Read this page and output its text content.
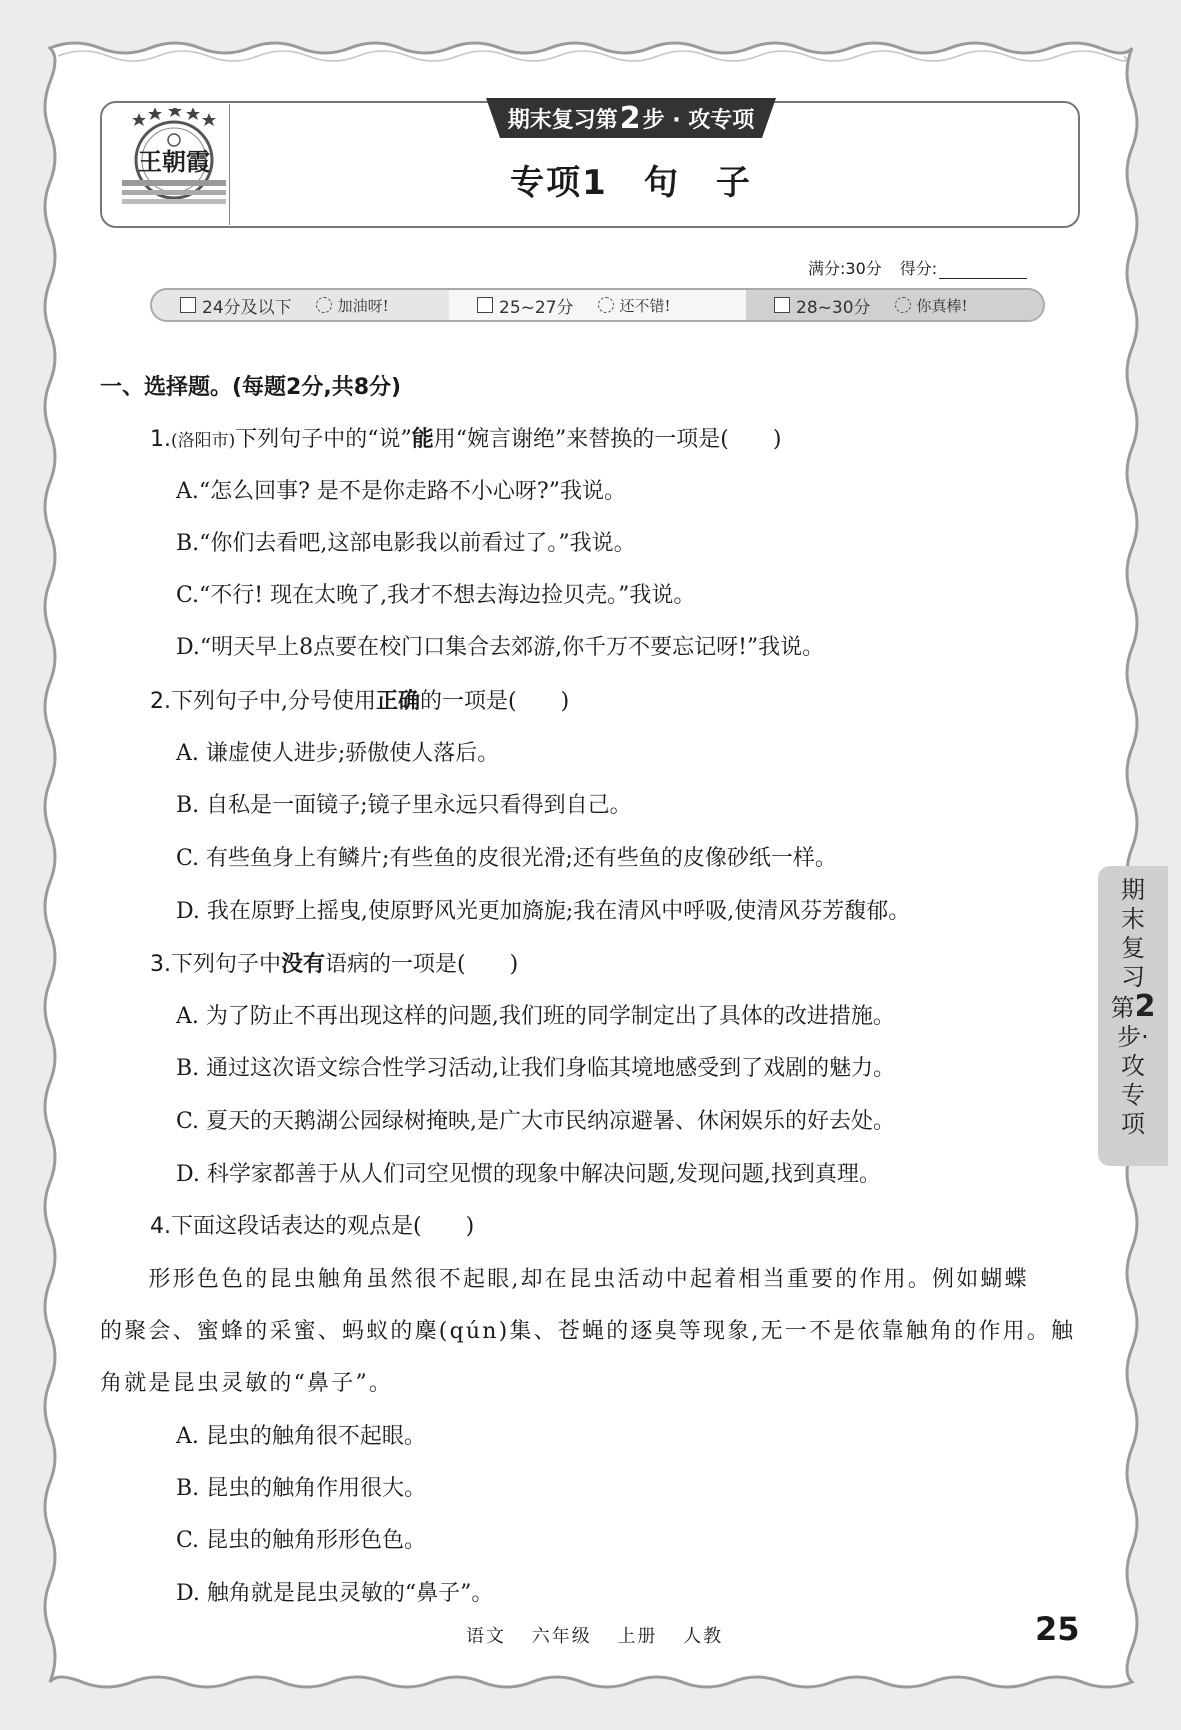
王朝霞
期末复习第 2 步 · 攻专项
专项1　句　子
满分:30分 得分:
24分及以下	加油呀!	25~27分	还不错!	28~30分	你真棒!
一、选择题。(每题2分,共8分)
1.(洛阳市)下列句子中的“说”能用“婉言谢绝”来替换的一项是(　　)
A.“怎么回事? 是不是你走路不小心呀?”我说。
B.“你们去看吧,这部电影我以前看过了。”我说。
C.“不行! 现在太晚了,我才不想去海边捡贝壳。”我说。
D.“明天早上8点要在校门口集合去郊游,你千万不要忘记呀!”我说。
2.下列句子中,分号使用正确的一项是(　　)
A. 谦虚使人进步;骄傲使人落后。
B. 自私是一面镜子;镜子里永远只看得到自己。
C. 有些鱼身上有鳞片;有些鱼的皮很光滑;还有些鱼的皮像砂纸一样。
D. 我在原野上摇曳,使原野风光更加旖旎;我在清风中呼吸,使清风芬芳馥郁。
3.下列句子中没有语病的一项是(　　)
A. 为了防止不再出现这样的问题,我们班的同学制定出了具体的改进措施。
B. 通过这次语文综合性学习活动,让我们身临其境地感受到了戏剧的魅力。
C. 夏天的天鹅湖公园绿树掩映,是广大市民纳凉避暑、休闲娱乐的好去处。
D. 科学家都善于从人们司空见惯的现象中解决问题,发现问题,找到真理。
4.下面这段话表达的观点是(　　)
　　形形色色的昆虫触角虽然很不起眼,却在昆虫活动中起着相当重要的作用。例如蝴蝶
的聚会、蜜蜂的采蜜、蚂蚁的麇(qún)集、苍蝇的逐臭等现象,无一不是依靠触角的作用。触
角就是昆虫灵敏的“鼻子”。
A. 昆虫的触角很不起眼。
B. 昆虫的触角作用很大。
C. 昆虫的触角形形色色。
D. 触角就是昆虫灵敏的“鼻子”。
期末复习第2步·攻专项
语文 六年级 上册 人教	25
